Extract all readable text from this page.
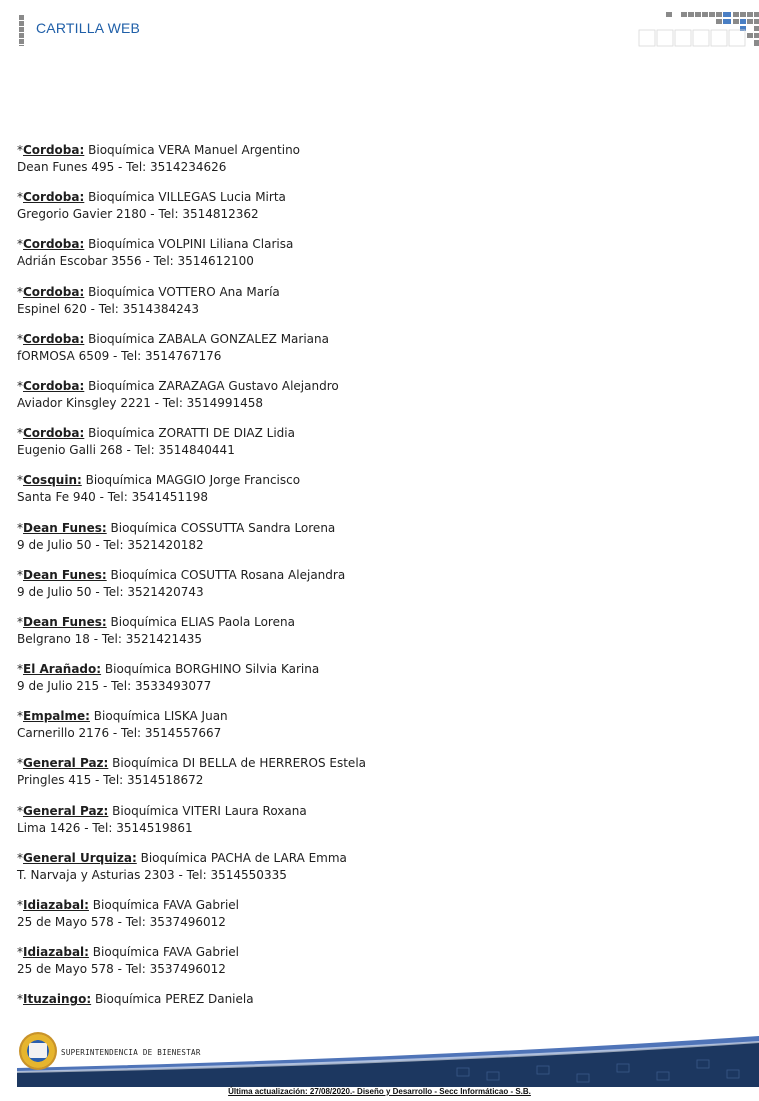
CARTILLA WEB
*Cordoba: Bioquímica VERA Manuel Argentino
Dean Funes 495 - Tel: 3514234626
*Cordoba: Bioquímica VILLEGAS Lucia Mirta
Gregorio Gavier 2180 - Tel: 3514812362
*Cordoba: Bioquímica VOLPINI Liliana Clarisa
Adrián Escobar 3556 - Tel: 3514612100
*Cordoba: Bioquímica VOTTERO Ana María
Espinel 620 - Tel: 3514384243
*Cordoba: Bioquímica ZABALA GONZALEZ Mariana
fORMOSA 6509 - Tel: 3514767176
*Cordoba: Bioquímica ZARAZAGA Gustavo Alejandro
Aviador Kinsgley 2221 - Tel: 3514991458
*Cordoba: Bioquímica ZORATTI DE DIAZ Lidia
Eugenio Galli 268 - Tel: 3514840441
*Cosquin: Bioquímica MAGGIO Jorge Francisco
Santa Fe 940 - Tel: 3541451198
*Dean Funes: Bioquímica COSSUTTA Sandra Lorena
9 de Julio 50 - Tel: 3521420182
*Dean Funes: Bioquímica COSUTTA Rosana Alejandra
9 de Julio 50 - Tel: 3521420743
*Dean Funes: Bioquímica ELIAS Paola Lorena
Belgrano 18 - Tel: 3521421435
*El Arañado: Bioquímica BORGHINO Silvia Karina
9 de Julio 215 - Tel: 3533493077
*Empalme: Bioquímica LISKA Juan
Carnerillo 2176 - Tel: 3514557667
*General Paz: Bioquímica DI BELLA de HERREROS Estela
Pringles 415 - Tel: 3514518672
*General Paz: Bioquímica VITERI Laura Roxana
Lima 1426 - Tel: 3514519861
*General Urquiza: Bioquímica PACHA de LARA Emma
T. Narvaja y Asturias 2303 - Tel: 3514550335
*Idiazabal: Bioquímica FAVA Gabriel
25 de Mayo 578 - Tel: 3537496012
*Idiazabal: Bioquímica FAVA Gabriel
25 de Mayo 578 - Tel: 3537496012
*Ituzaingo: Bioquímica PEREZ Daniela
SUPERINTENDENCIA DE BIENESTAR
Última actualización: 27/08/2020.- Diseño y Desarrollo - Secc Informáticao - S.B.
